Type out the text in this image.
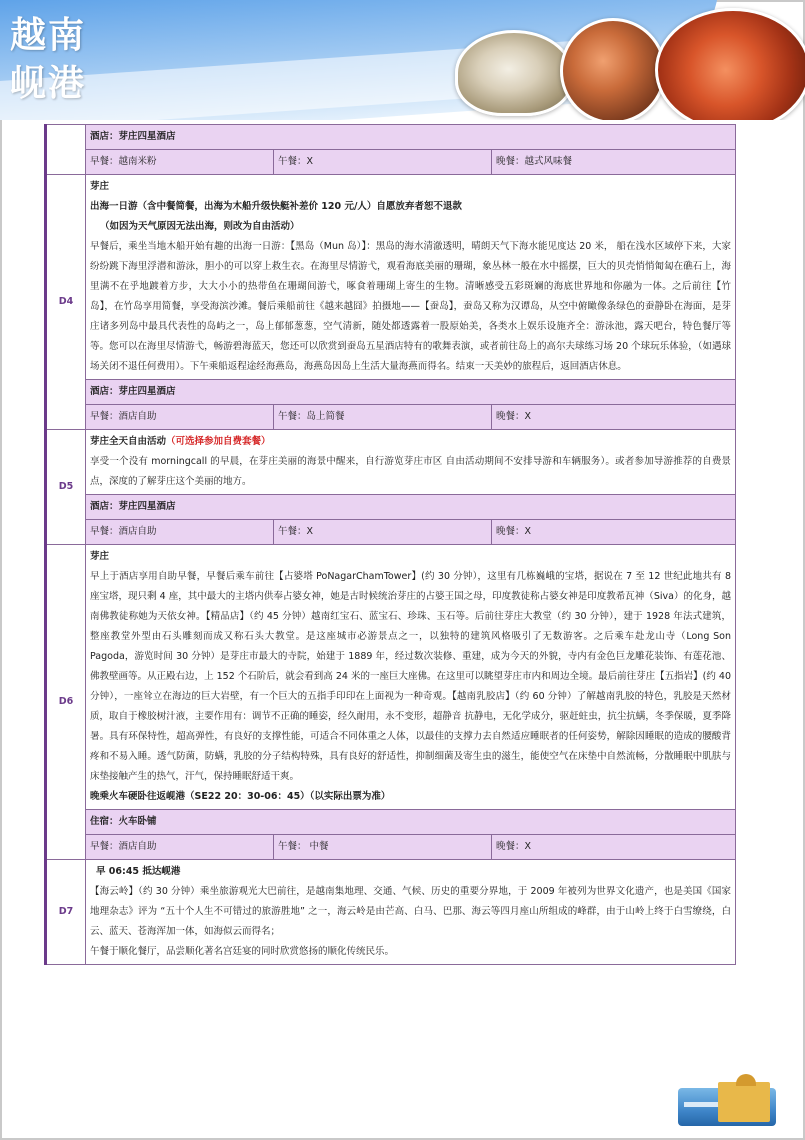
越南
岘港
	酒店：芽庄四星酒店		
	早餐：越南米粉	午餐：X	晚餐：越式风味餐
D4	芽庄

出海一日游（含中餐简餐，出海为木船升级快艇补差价 120 元/人）自愿放弃者恕不退款

（如因为天气原因无法出海，则改为自由活动）

早餐后，乘坐当地木船开始有趣的出海一日游：【黑岛（Mun 岛）】：黑岛的海水清澈透明，晴朗天气下海水能见度达 20 米， 船在浅水区域停下来，大家纷纷跳下海里浮潜和游泳，胆小的可以穿上救生衣。在海里尽情游弋，观看海底美丽的珊瑚，象丛林一般在水中摇摆，巨大的贝壳悄悄匍匐在礁石上，海里满不在乎地踱着方步，大大小小的热带鱼在珊瑚间游弋，啄食着珊瑚上寄生的生物。清晰感受五彩斑斓的海底世界地和你融为一体。之后前往【竹岛】，在竹岛享用简餐，享受海滨沙滩。餐后乘船前往《越来越囧》拍摄地——【蚕岛】，蚕岛又称为汉谭岛，从空中俯瞰像条绿色的蚕静卧在海面，是芽庄诸多列岛中最具代表性的岛屿之一，岛上郁郁葱葱，空气清新，随处都透露着一股原始美，各类水上娱乐设施齐全：游泳池，露天吧台，特色餐厅等等。您可以在海里尽情游弋，畅游碧海蓝天，您还可以欣赏到蚕岛五星酒店特有的歌舞表演，或者前往岛上的高尔夫球练习场 20 个球玩乐体验，（如遇球场关闭不退任何费用）。下午乘船返程途经海燕岛，海燕岛因岛上生活大量海燕而得名。结束一天美妙的旅程后，返回酒店休息。		

	酒店：芽庄四星酒店		
	早餐：酒店自助	午餐：岛上简餐	晚餐：X
D5	芽庄全天自由活动（可选择参加自费套餐）

享受一个没有 morningcall 的早晨，在芽庄美丽的海景中醒来，自行游览芽庄市区 自由活动期间不安排导游和车辆服务）。或者参加导游推荐的自费景点，深度的了解芽庄这个美丽的地方。		

	酒店：芽庄四星酒店		
	早餐：酒店自助	午餐：X	晚餐：X
D6	芽庄

早上于酒店享用自助早餐，早餐后乘车前往【占婆塔 PoNagarChamTower】(约 30 分钟），这里有几栋巍峨的宝塔，据说在 7 至 12 世纪此地共有 8 座宝塔，现只剩 4 座，其中最大的主塔内供奉占婆女神，她是古时候统治芽庄的占婆王国之母，印度教徒称占婆女神是印度教希瓦神（Siva）的化身，越南佛教徒称她为天依女神。【精品店】（约 45 分钟）越南红宝石、蓝宝石、珍珠、玉石等。后前往芽庄大教堂（约 30 分钟），建于 1928 年法式建筑，整座教堂外型由石头雕刻而成又称石头大教堂。是这座城市必游景点之一，以独特的建筑风格吸引了无数游客。之后乘车赴龙山寺（Long Son Pagoda，游览时间 30 分钟）是芽庄市最大的寺院，始建于 1889 年，经过数次装修、重建，成为今天的外貌，寺内有金色巨龙雕花装饰、有莲花池、佛教壁画等。从正殿右边，上 152 个石阶后，就会看到高 24 米的一座巨大座佛。在这里可以眺望芽庄市内和周边全境。最后前往芽庄【五指岩】(约 40 分钟），一座耸立在海边的巨大岩壁，有一个巨大的五指手印印在上面视为一种奇观。【越南乳胶店】（约 60 分钟）了解越南乳胶的特色，乳胶是天然材质，取自于橡胶树汁液，主要作用有：调节不正确的睡姿，经久耐用，永不变形，超静音 抗静电，无化学成分，驱赶蛀虫，抗尘抗螨，冬季保暖，夏季降暑。具有环保特性，超高弹性，有良好的支撑性能，可适合不同体重之人体，以最佳的支撑力去自然适应睡眠者的任何姿势，解除因睡眠的造成的腰酸背疼和不易入睡。透气防菌，防螨，乳胶的分子结构特殊，具有良好的舒适性，抑制细菌及寄生虫的滋生，能使空气在床垫中自然流畅，分散睡眠中肌肤与床垫接触产生的热气，汗气，保持睡眠舒适干爽。

晚乘火车硬卧往返岘港（SE22 20：30-06：45）（以实际出票为准）		

	住宿：火车卧铺		
	早餐：酒店自助	午餐： 中餐	晚餐：X
D7	早 06:45 抵达岘港

【海云岭】（约 30 分钟）乘坐旅游观光大巴前往，是越南集地理、交通、气候、历史的重要分界地，于 2009 年被列为世界文化遗产，也是美国《国家地理杂志》评为 “五十个人生不可错过的旅游胜地” 之一，海云岭是由芒高、白马、巴那、海云等四月座山所组成的峰群，由于山岭上终于白雪缭绕，白云、蓝天、苍海浑加一体，如海似云而得名；

午餐于顺化餐厅，品尝顺化著名宫廷宴的同时欣赏悠扬的顺化传统民乐。		
